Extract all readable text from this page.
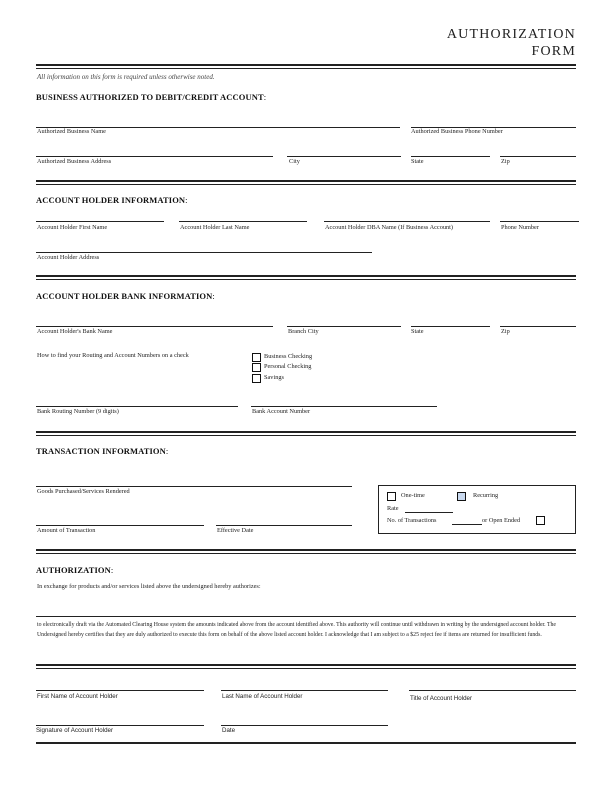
AUTHORIZATION
FORM
All information on this form is required unless otherwise noted.
BUSINESS AUTHORIZED TO DEBIT/CREDIT ACCOUNT:
Authorized Business Name	Authorized Business Phone Number
Authorized Business Address	City	State	Zip
ACCOUNT HOLDER INFORMATION:
Account Holder First Name	Account Holder Last Name	Account Holder DBA Name (If Business Account)	Phone Number
Account Holder Address
ACCOUNT HOLDER BANK INFORMATION:
Account Holder's Bank Name	Branch City	State	Zip
How to find your Routing and Account Numbers on a check	Business Checking
Personal Checking
Savings
Bank Routing Number (9 digits)	Bank Account Number
TRANSACTION INFORMATION:
Goods Purchased/Services Rendered
Amount of Transaction	Effective Date
One-time	Recurring
Rate
No. of Transactions	or Open Ended
AUTHORIZATION:
In exchange for products and/or services listed above the undersigned hereby authorizes:
to electronically draft via the Automated Clearing House system the amounts indicated above from the account identified above. This authority will continue until withdrawn in writing by the undersigned account holder. The Undersigned hereby certifies that they are duly authorized to execute this form on behalf of the above listed account holder. I acknowledge that I am subject to a $25 reject fee if items are returned for insufficient funds.
First Name of Account Holder	Last Name of Account Holder	Title of Account Holder
Signature of Account Holder	Date
